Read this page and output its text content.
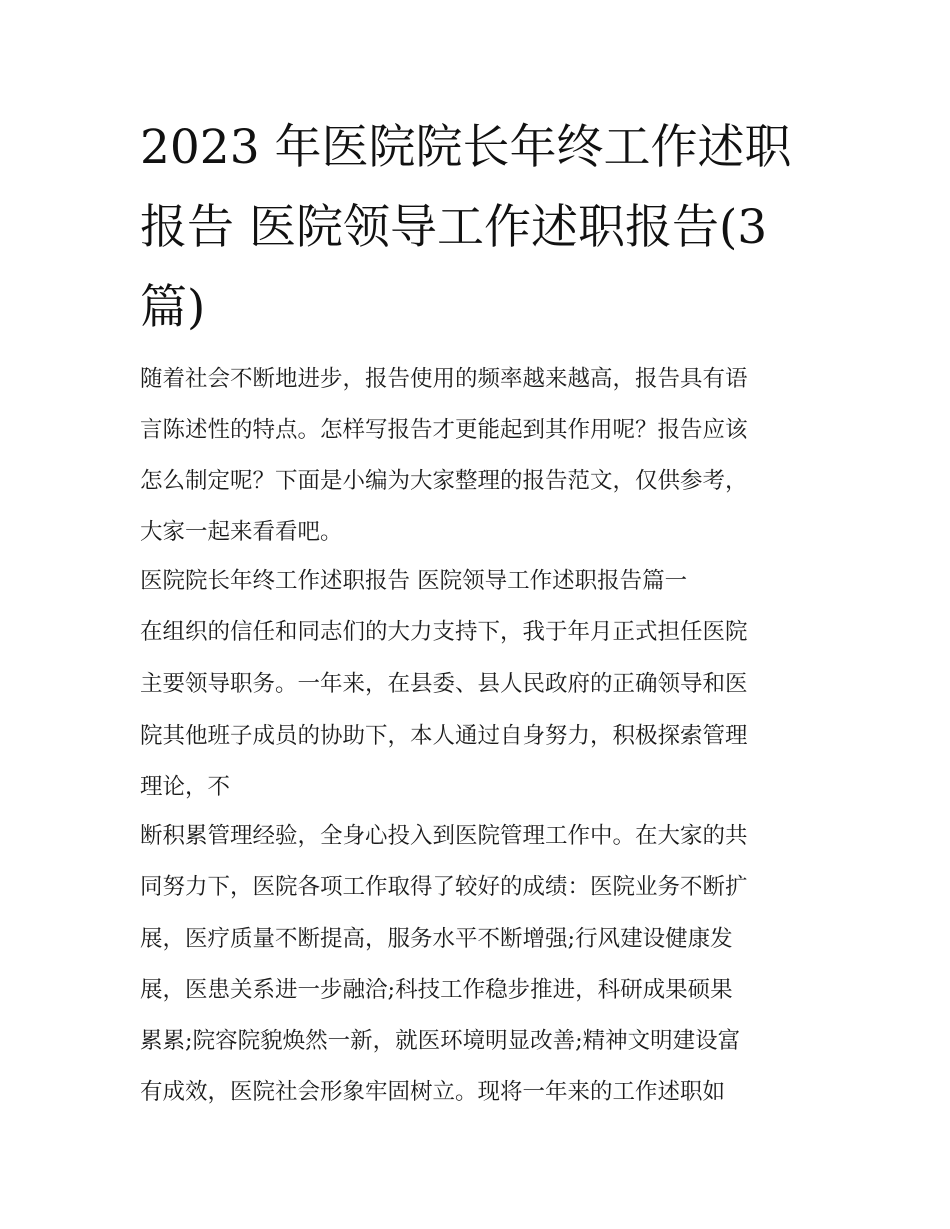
2023 年医院院长年终工作述职
报告 医院领导工作述职报告(3
篇)

随着社会不断地进步，报告使用的频率越来越高，报告具有语

言陈述性的特点。怎样写报告才更能起到其作用呢？报告应该

怎么制定呢？下面是小编为大家整理的报告范文，仅供参考，

大家一起来看看吧。

医院院长年终工作述职报告 医院领导工作述职报告篇一

在组织的信任和同志们的大力支持下，我于年月正式担任医院

主要领导职务。一年来，在县委、县人民政府的正确领导和医

院其他班子成员的协助下，本人通过自身努力，积极探索管理

理论，不

断积累管理经验，全身心投入到医院管理工作中。在大家的共

同努力下，医院各项工作取得了较好的成绩：医院业务不断扩

展，医疗质量不断提高，服务水平不断增强;行风建设健康发

展，医患关系进一步融洽;科技工作稳步推进，科研成果硕果

累累;院容院貌焕然一新，就医环境明显改善;精神文明建设富

有成效，医院社会形象牢固树立。现将一年来的工作述职如
